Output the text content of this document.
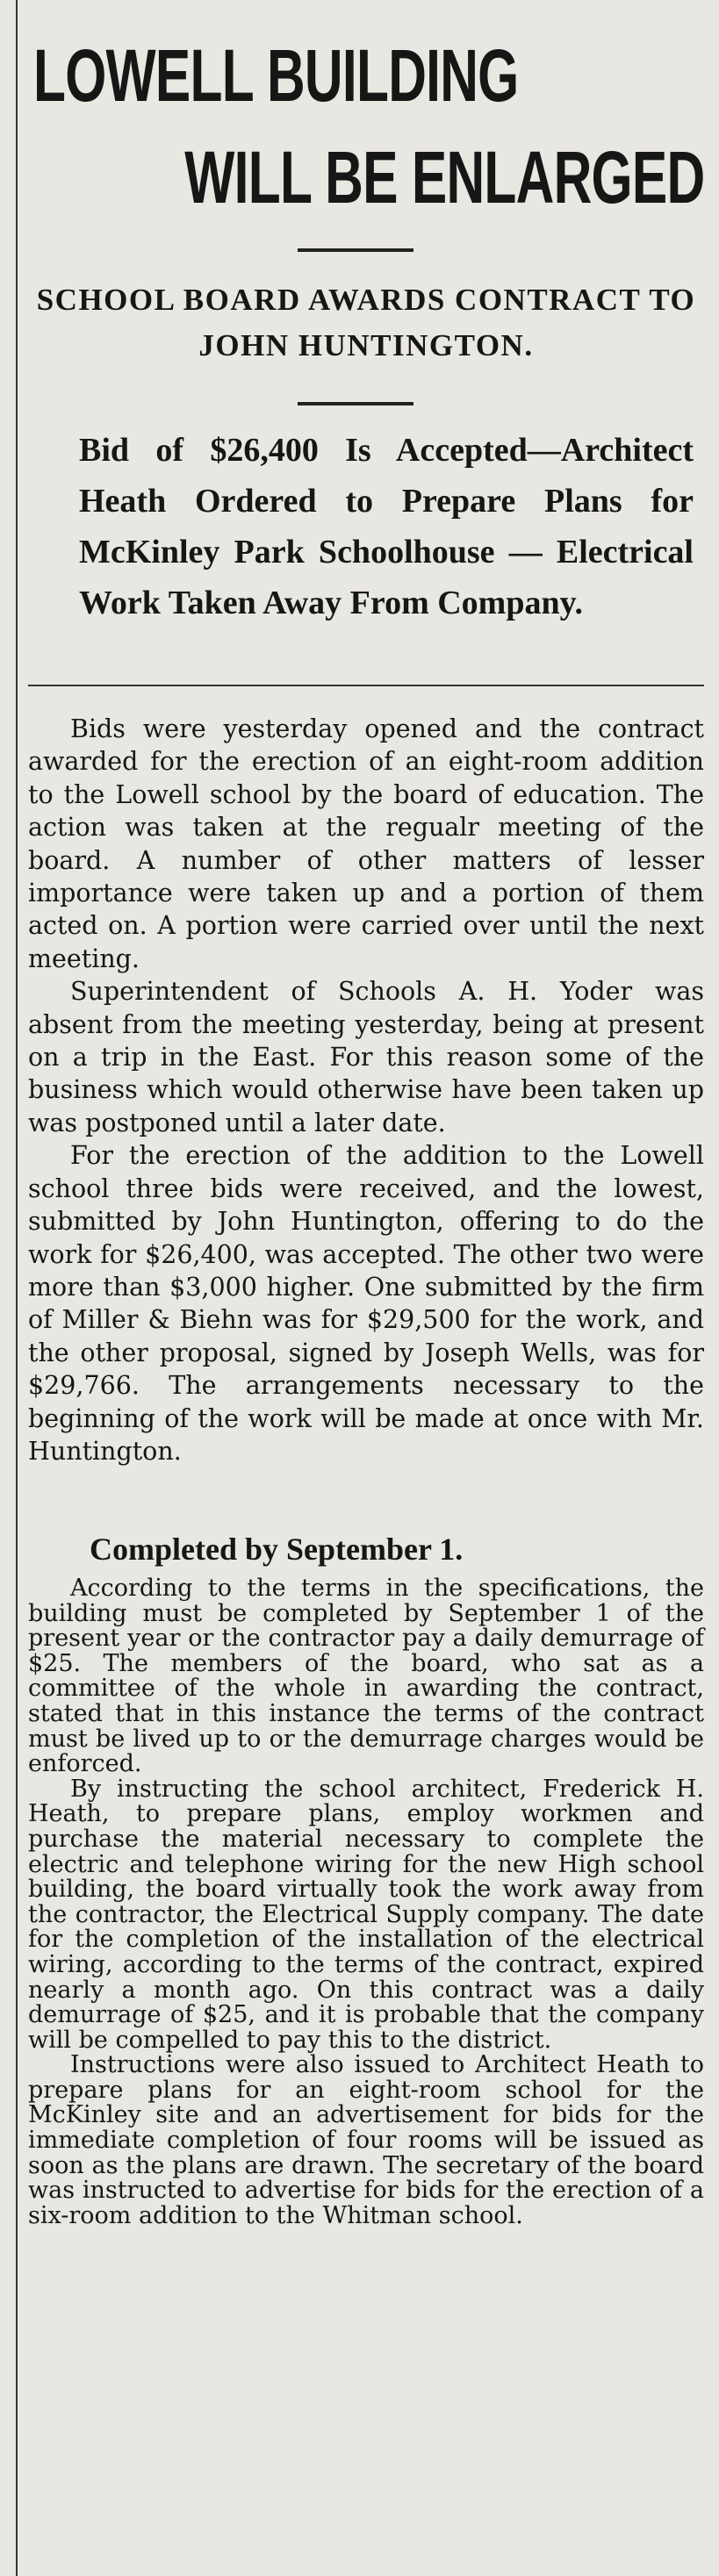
LOWELL BUILDING
WILL BE ENLARGED
SCHOOL BOARD AWARDS CONTRACT TO JOHN HUNTINGTON.
Bid of $26,400 Is Accepted—Architect Heath Ordered to Prepare Plans for McKinley Park Schoolhouse — Electrical Work Taken Away From Company.

Bids were yesterday opened and the contract awarded for the erection of an eight-room addition to the Lowell school by the board of education. The action was taken at the regualr meeting of the board. A number of other matters of lesser importance were taken up and a portion of them acted on. A portion were carried over until the next meeting.

Superintendent of Schools A. H. Yoder was absent from the meeting yesterday, being at present on a trip in the East. For this reason some of the business which would otherwise have been taken up was postponed until a later date.

For the erection of the addition to the Lowell school three bids were received, and the lowest, submitted by John Huntington, offering to do the work for $26,400, was accepted. The other two were more than $3,000 higher. One submitted by the firm of Miller & Biehn was for $29,500 for the work, and the other proposal, signed by Joseph Wells, was for $29,766. The arrangements necessary to the beginning of the work will be made at once with Mr. Huntington.

Completed by September 1.

According to the terms in the specifications, the building must be completed by September 1 of the present year or the contractor pay a daily demurrage of $25. The members of the board, who sat as a committee of the whole in awarding the contract, stated that in this instance the terms of the contract must be lived up to or the demurrage charges would be enforced.

By instructing the school architect, Frederick H. Heath, to prepare plans, employ workmen and purchase the material necessary to complete the electric and telephone wiring for the new High school building, the board virtually took the work away from the contractor, the Electrical Supply company. The date for the completion of the installation of the electrical wiring, according to the terms of the contract, expired nearly a month ago. On this contract was a daily demurrage of $25, and it is probable that the company will be compelled to pay this to the district.

Instructions were also issued to Architect Heath to prepare plans for an eight-room school for the McKinley site and an advertisement for bids for the immediate completion of four rooms will be issued as soon as the plans are drawn. The secretary of the board was instructed to advertise for bids for the erection of a six-room addition to the Whitman school.
